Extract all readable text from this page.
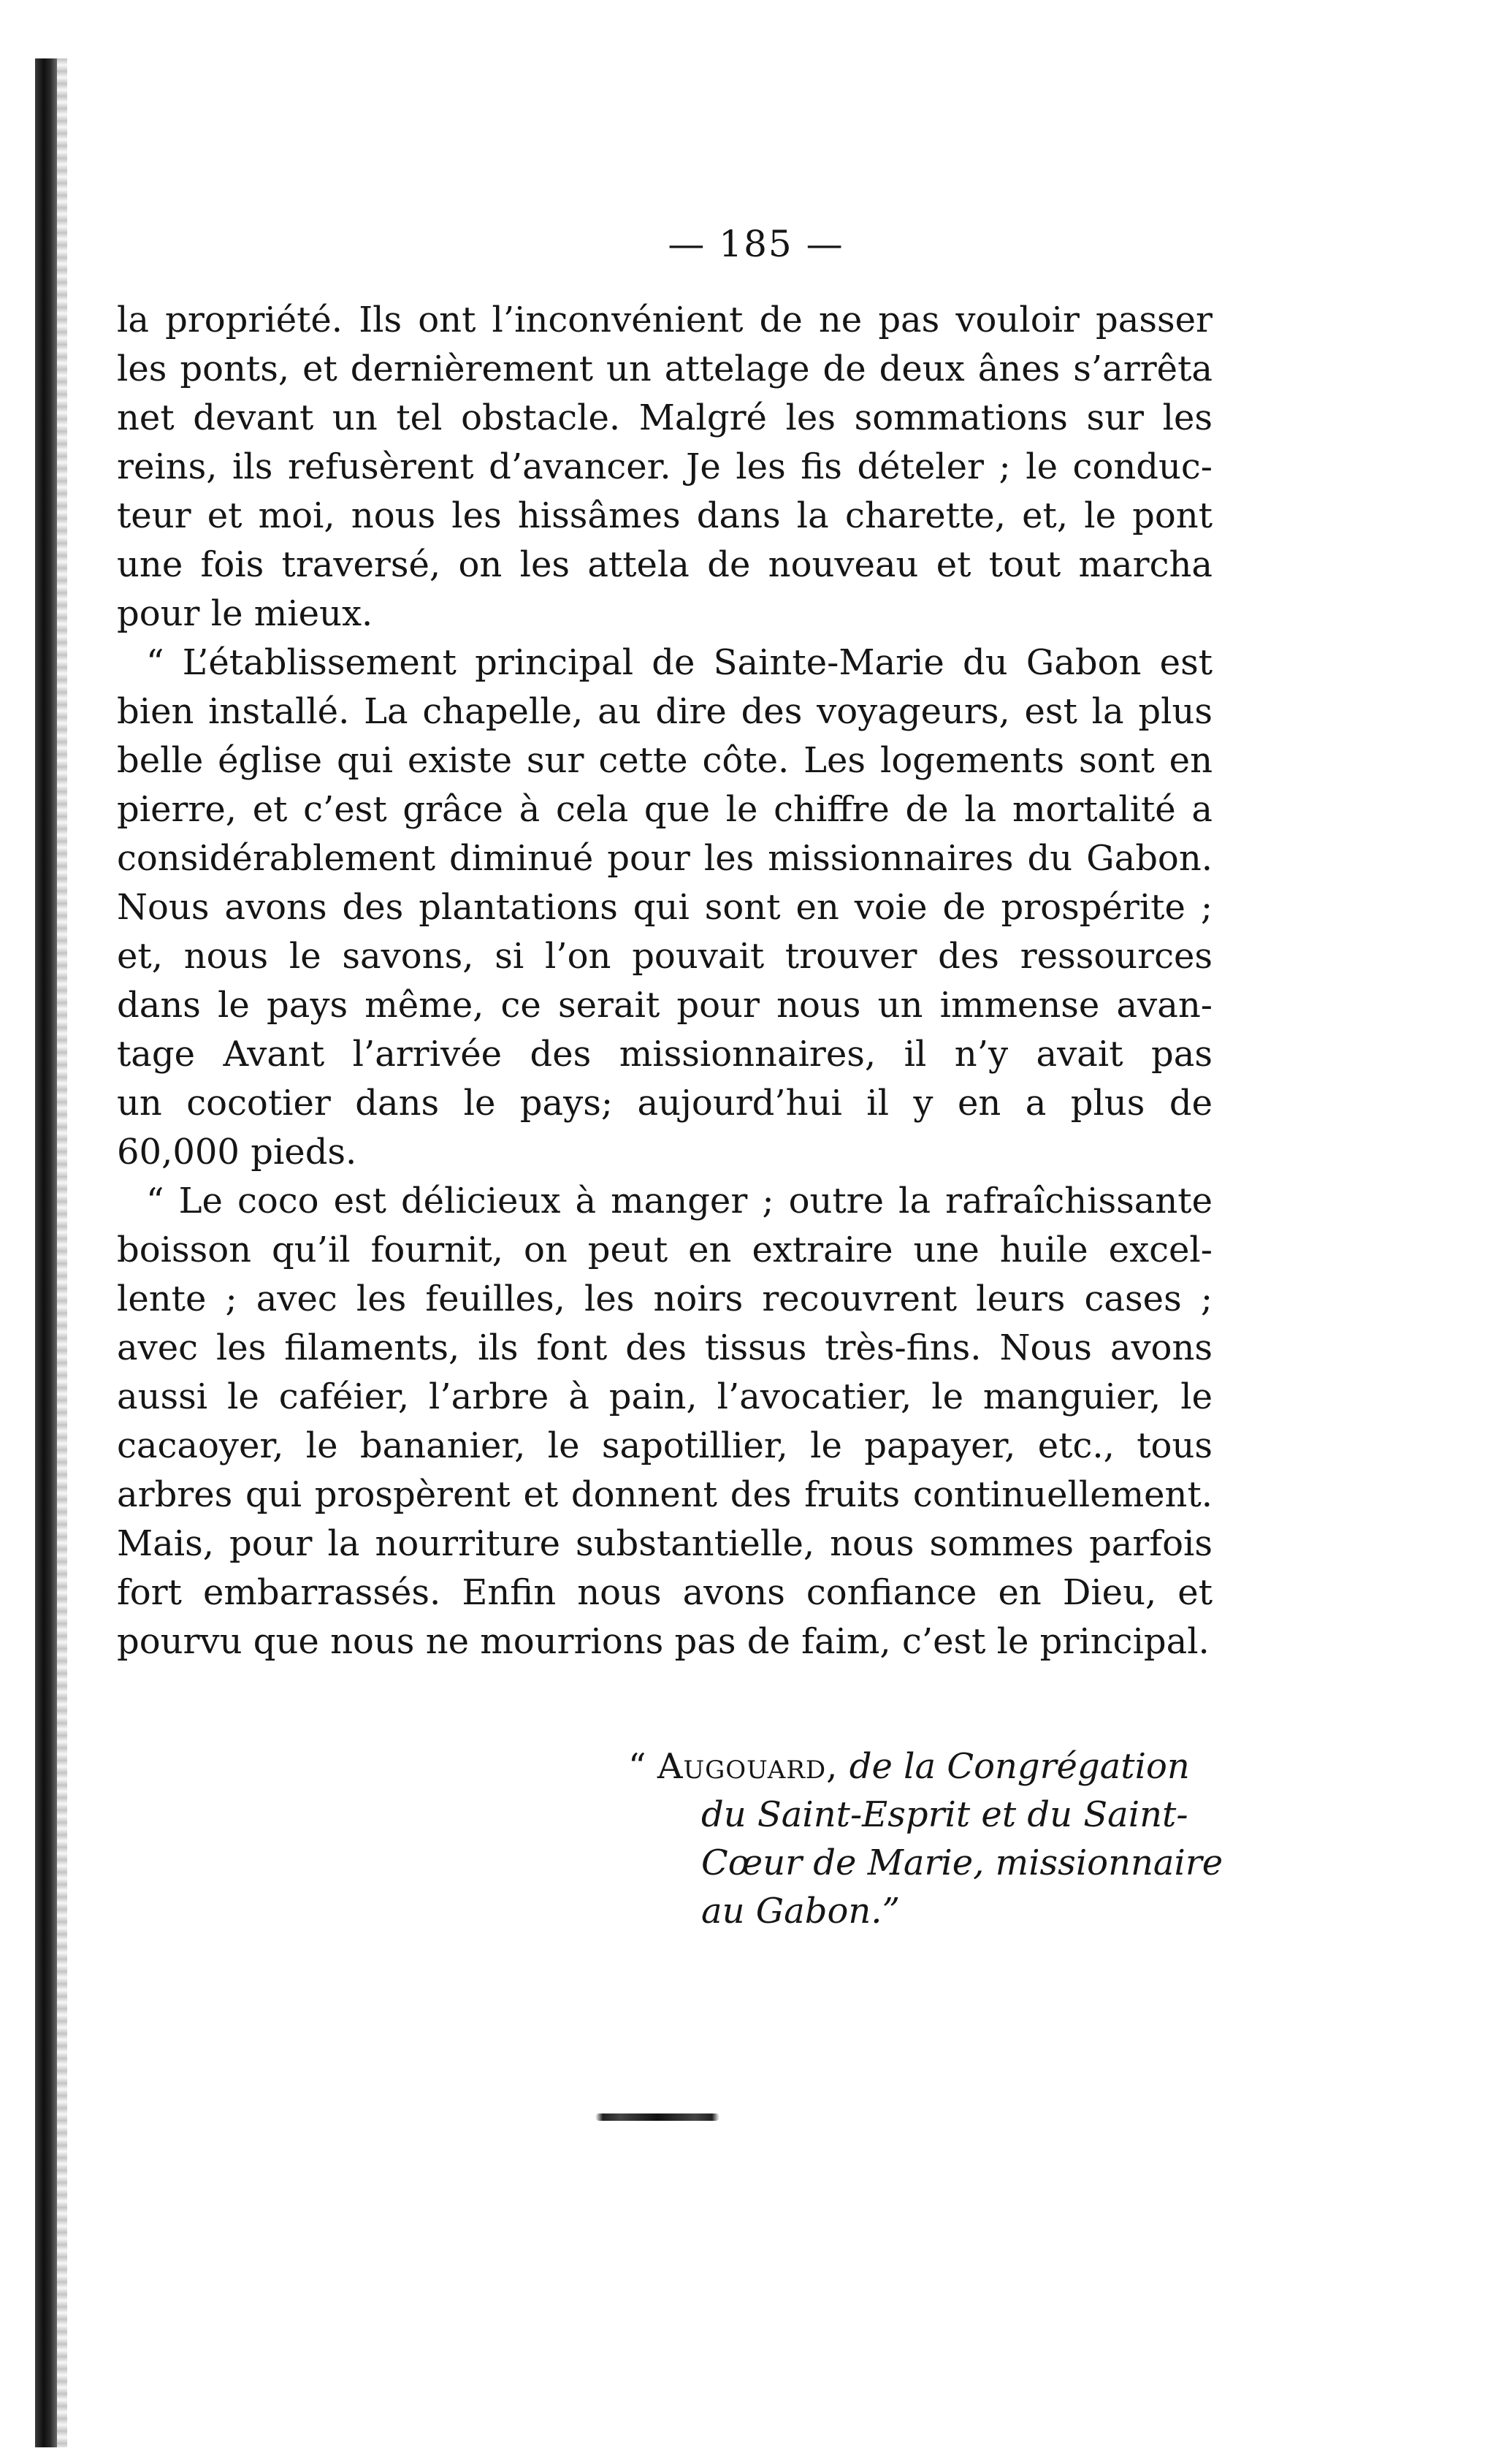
— 185 —
la propriété. Ils ont l’inconvénient de ne pas vouloir passer
les ponts, et dernièrement un attelage de deux ânes s’arrêta
net devant un tel obstacle. Malgré les sommations sur les
reins, ils refusèrent d’avancer. Je les fis dételer ; le conduc-
teur et moi, nous les hissâmes dans la charette, et, le pont
une fois traversé, on les attela de nouveau et tout marcha
pour le mieux.
“ L’établissement principal de Sainte-Marie du Gabon est
bien installé. La chapelle, au dire des voyageurs, est la plus
belle église qui existe sur cette côte. Les logements sont en
pierre, et c’est grâce à cela que le chiffre de la mortalité a
considérablement diminué pour les missionnaires du Gabon.
Nous avons des plantations qui sont en voie de prospérite ;
et, nous le savons, si l’on pouvait trouver des ressources
dans le pays même, ce serait pour nous un immense avan-
tage Avant l’arrivée des missionnaires, il n’y avait pas
un cocotier dans le pays; aujourd’hui il y en a plus de
60,000 pieds.
“ Le coco est délicieux à manger ; outre la rafraîchissante
boisson qu’il fournit, on peut en extraire une huile excel-
lente ; avec les feuilles, les noirs recouvrent leurs cases ;
avec les filaments, ils font des tissus très-fins. Nous avons
aussi le caféier, l’arbre à pain, l’avocatier, le manguier, le
cacaoyer, le bananier, le sapotillier, le papayer, etc., tous
arbres qui prospèrent et donnent des fruits continuellement.
Mais, pour la nourriture substantielle, nous sommes parfois
fort embarrassés. Enfin nous avons confiance en Dieu, et
pourvu que nous ne mourrions pas de faim, c’est le principal.
“ Augouard, de la Congrégation
du Saint-Esprit et du Saint-
Cœur de Marie, missionnaire
au Gabon.”
